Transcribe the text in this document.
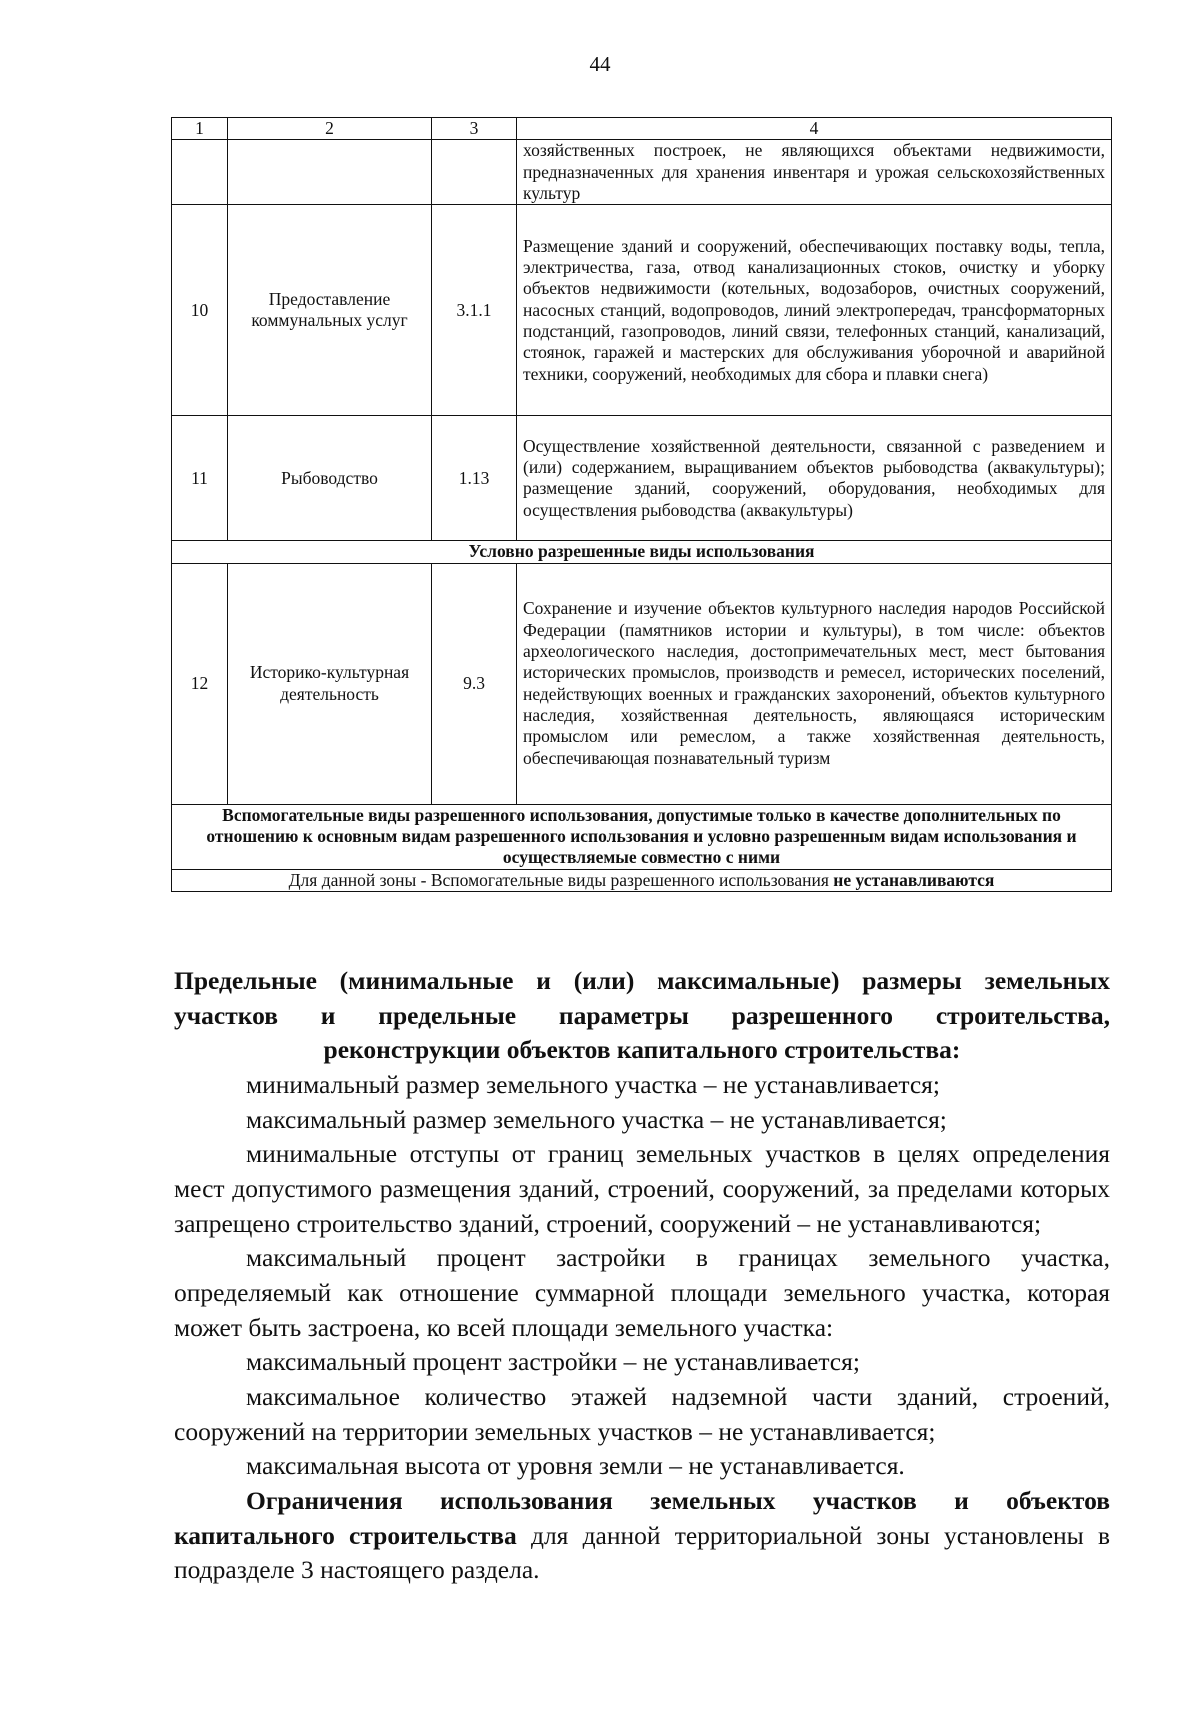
44
1	2	3	4
			хозяйственных построек, не являющихся объектами недвижимости, предназначенных для хранения инвентаря и урожая сельскохозяйственных культур
10	Предоставление коммунальных услуг	3.1.1	Размещение зданий и сооружений, обеспечивающих поставку воды, тепла, электричества, газа, отвод канализационных стоков, очистку и уборку объектов недвижимости (котельных, водозаборов, очистных сооружений, насосных станций, водопроводов, линий электропередач, трансформаторных подстанций, газопроводов, линий связи, телефонных станций, канализаций, стоянок, гаражей и мастерских для обслуживания уборочной и аварийной техники, сооружений, необходимых для сбора и плавки снега)
11	Рыбоводство	1.13	Осуществление хозяйственной деятельности, связанной с разведением и (или) содержанием, выращиванием объектов рыбоводства (аквакультуры); размещение зданий, сооружений, оборудования, необходимых для осуществления рыбоводства (аквакультуры)
Условно разрешенные виды использования			
12	Историко-культурная деятельность	9.3	Сохранение и изучение объектов культурного наследия народов Российской Федерации (памятников истории и культуры), в том числе: объектов археологического наследия, достопримечательных мест, мест бытования исторических промыслов, производств и ремесел, исторических поселений, недействующих военных и гражданских захоронений, объектов культурного наследия, хозяйственная деятельность, являющаяся историческим промыслом или ремеслом, а также хозяйственная деятельность, обеспечивающая познавательный туризм
Вспомогательные виды разрешенного использования, допустимые только в качестве дополнительных по отношению к основным видам разрешенного использования и условно разрешенным видам использования и осуществляемые совместно с ними			
Для данной зоны - Вспомогательные виды разрешенного использования не устанавливаются			

Предельные (минимальные и (или) максимальные) размеры земельных участков и предельные параметры разрешенного строительства, реконструкции объектов капитального строительства:

минимальный размер земельного участка – не устанавливается;

максимальный размер земельного участка – не устанавливается;

минимальные отступы от границ земельных участков в целях определения мест допустимого размещения зданий, строений, сооружений, за пределами которых запрещено строительство зданий, строений, сооружений – не устанавливаются;

максимальный процент застройки в границах земельного участка, определяемый как отношение суммарной площади земельного участка, которая может быть застроена, ко всей площади земельного участка:

максимальный процент застройки – не устанавливается;

максимальное количество этажей надземной части зданий, строений, сооружений на территории земельных участков – не устанавливается;

максимальная высота от уровня земли – не устанавливается.

Ограничения использования земельных участков и объектов капитального строительства для данной территориальной зоны установлены в подразделе 3 настоящего раздела.
